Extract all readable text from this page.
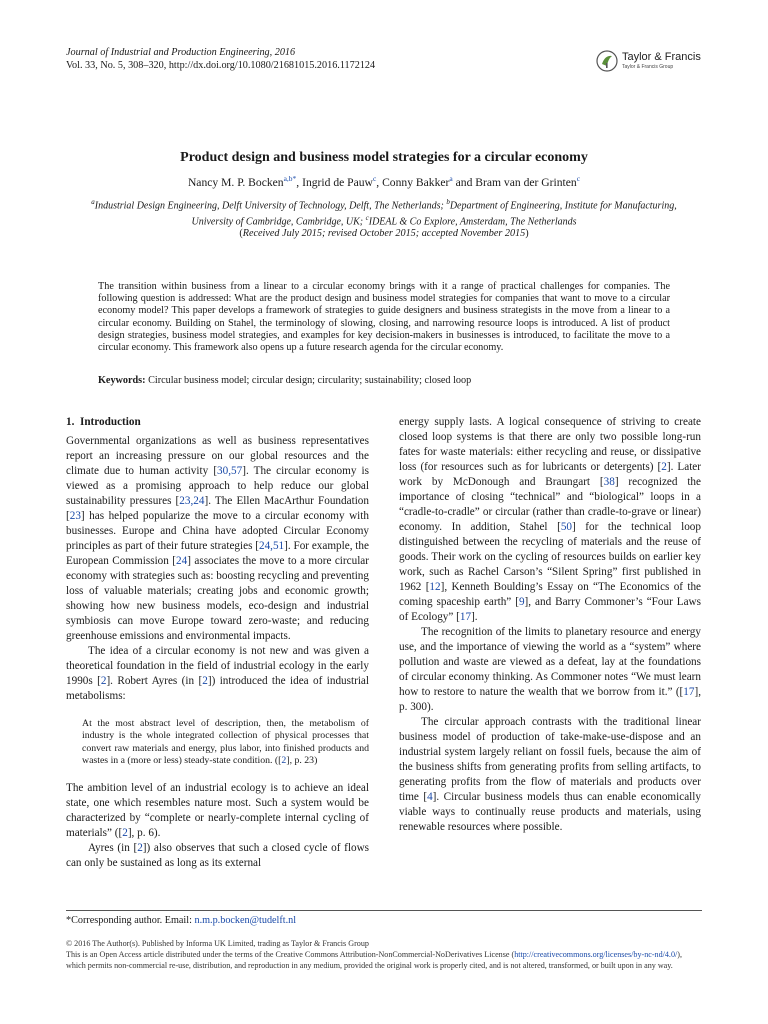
Journal of Industrial and Production Engineering, 2016
Vol. 33, No. 5, 308–320, http://dx.doi.org/10.1080/21681015.2016.1172124
Taylor & Francis
Taylor & Francis Group
Product design and business model strategies for a circular economy
Nancy M. P. Bocken$^{a,b*}$, Ingrid de Pauw$^c$, Conny Bakker$^a$ and Bram van der Grinten$^c$
$^a$Industrial Design Engineering, Delft University of Technology, Delft, The Netherlands; $^b$Department of Engineering, Institute for Manufacturing, University of Cambridge, Cambridge, UK; $^c$IDEAL & Co Explore, Amsterdam, The Netherlands
(Received July 2015; revised October 2015; accepted November 2015)
The transition within business from a linear to a circular economy brings with it a range of practical challenges for companies. The following question is addressed: What are the product design and business model strategies for companies that want to move to a circular economy model? This paper develops a framework of strategies to guide designers and business strategists in the move from a linear to a circular economy. Building on Stahel, the terminology of slowing, closing, and narrowing resource loops is introduced. A list of product design strategies, business model strategies, and examples for key decision-makers in businesses is introduced, to facilitate the move to a circular economy. This framework also opens up a future research agenda for the circular economy.
Keywords: Circular business model; circular design; circularity; sustainability; closed loop
1. Introduction

Governmental organizations as well as business representatives report an increasing pressure on our global resources and the climate due to human activity [30,57]. The circular economy is viewed as a promising approach to help reduce our global sustainability pressures [23,24]. The Ellen MacArthur Foundation [23] has helped popularize the move to a circular economy with businesses. Europe and China have adopted Circular Economy principles as part of their future strategies [24,51]. For example, the European Commission [24] associates the move to a more circular economy with strategies such as: boosting recycling and preventing loss of valuable materials; creating jobs and economic growth; showing how new business models, eco-design and industrial symbiosis can move Europe toward zero-waste; and reducing greenhouse emissions and environmental impacts.

The idea of a circular economy is not new and was given a theoretical foundation in the field of industrial ecology in the early 1990s [2]. Robert Ayres (in [2]) introduced the idea of industrial metabolisms:

At the most abstract level of description, then, the metabolism of industry is the whole integrated collection of physical processes that convert raw materials and energy, plus labor, into finished products and wastes in a (more or less) steady-state condition. ([2], p. 23)

The ambition level of an industrial ecology is to achieve an ideal state, one which resembles nature most. Such a system would be characterized by “complete or nearly-complete internal cycling of materials” ([2], p. 6).

Ayres (in [2]) also observes that such a closed cycle of flows can only be sustained as long as its external

energy supply lasts. A logical consequence of striving to create closed loop systems is that there are only two possible long-run fates for waste materials: either recycling and reuse, or dissipative loss (for resources such as for lubricants or detergents) [2]. Later work by McDonough and Braungart [38] recognized the importance of closing “technical” and “biological” loops in a “cradle-to-cradle” or circular (rather than cradle-to-grave or linear) economy. In addition, Stahel [50] for the technical loop distinguished between the recycling of materials and the reuse of goods. Their work on the cycling of resources builds on earlier key work, such as Rachel Carson’s “Silent Spring” first published in 1962 [12], Kenneth Boulding’s Essay on “The Economics of the coming spaceship earth” [9], and Barry Commoner’s “Four Laws of Ecology” [17].

The recognition of the limits to planetary resource and energy use, and the importance of viewing the world as a “system” where pollution and waste are viewed as a defeat, lay at the foundations of circular economy thinking. As Commoner notes “We must learn how to restore to nature the wealth that we borrow from it.” ([17], p. 300).

The circular approach contrasts with the traditional linear business model of production of take-make-use-dispose and an industrial system largely reliant on fossil fuels, because the aim of the business shifts from generating profits from selling artifacts, to generating profits from the flow of materials and products over time [4]. Circular business models thus can enable economically viable ways to continually reuse products and materials, using renewable resources where possible.

*Corresponding author. Email: n.m.p.bocken@tudelft.nl
© 2016 The Author(s). Published by Informa UK Limited, trading as Taylor & Francis Group
This is an Open Access article distributed under the terms of the Creative Commons Attribution-NonCommercial-NoDerivatives License (http://creativecommons.org/licenses/by-nc-nd/4.0/), which permits non-commercial re-use, distribution, and reproduction in any medium, provided the original work is properly cited, and is not altered, transformed, or built upon in any way.
